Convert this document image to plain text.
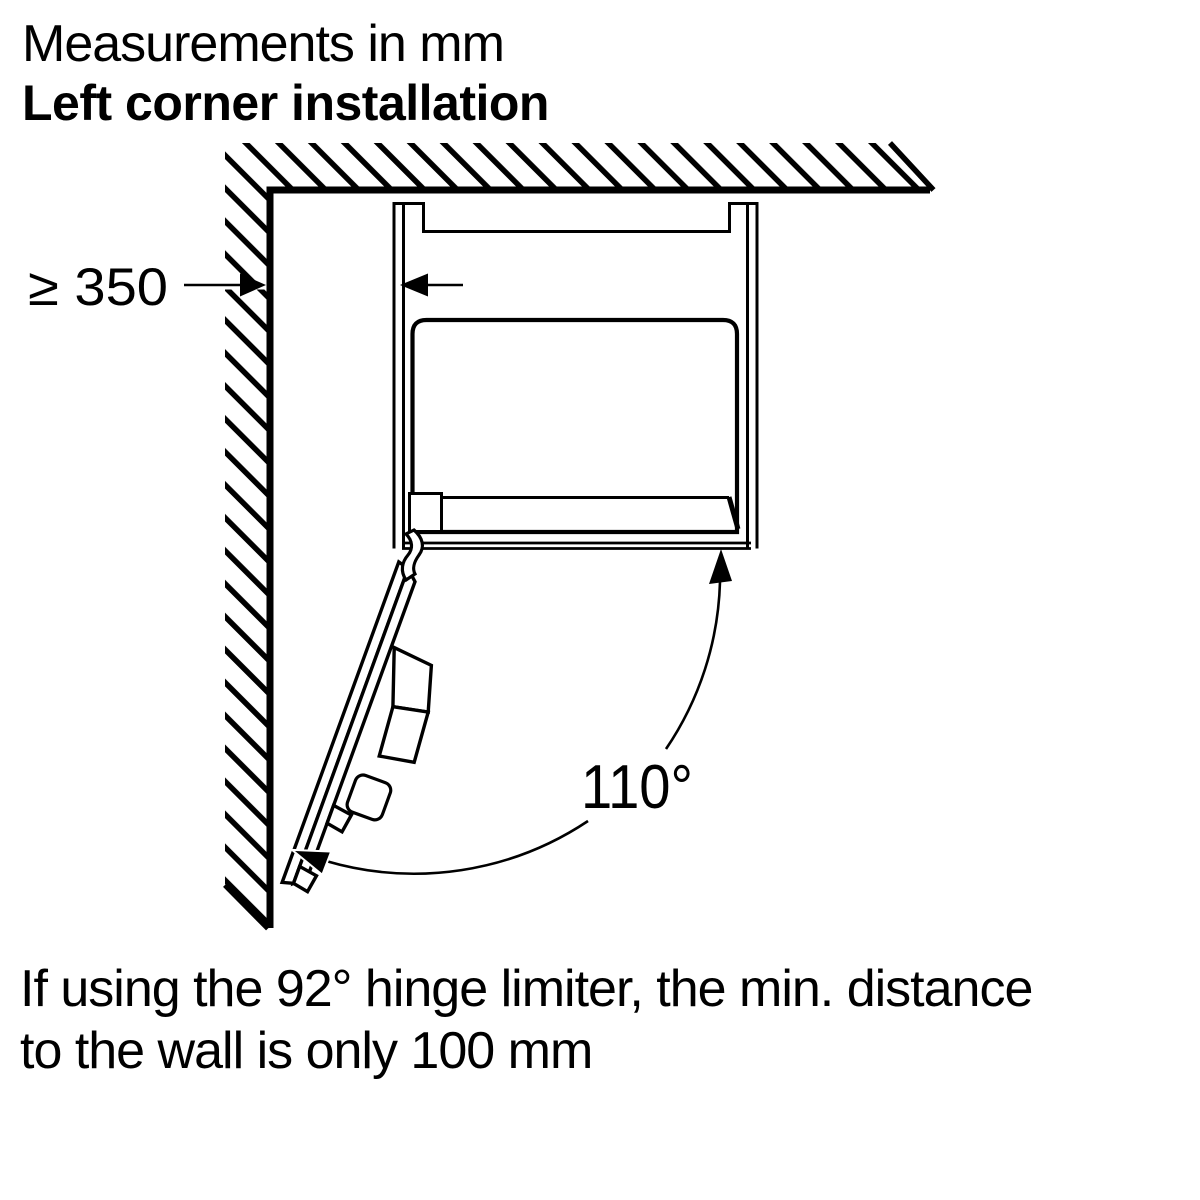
Measurements in mm
Left corner installation
≥ 350
110°
If using the 92° hinge limiter, the min. distance
to the wall is only 100 mm
